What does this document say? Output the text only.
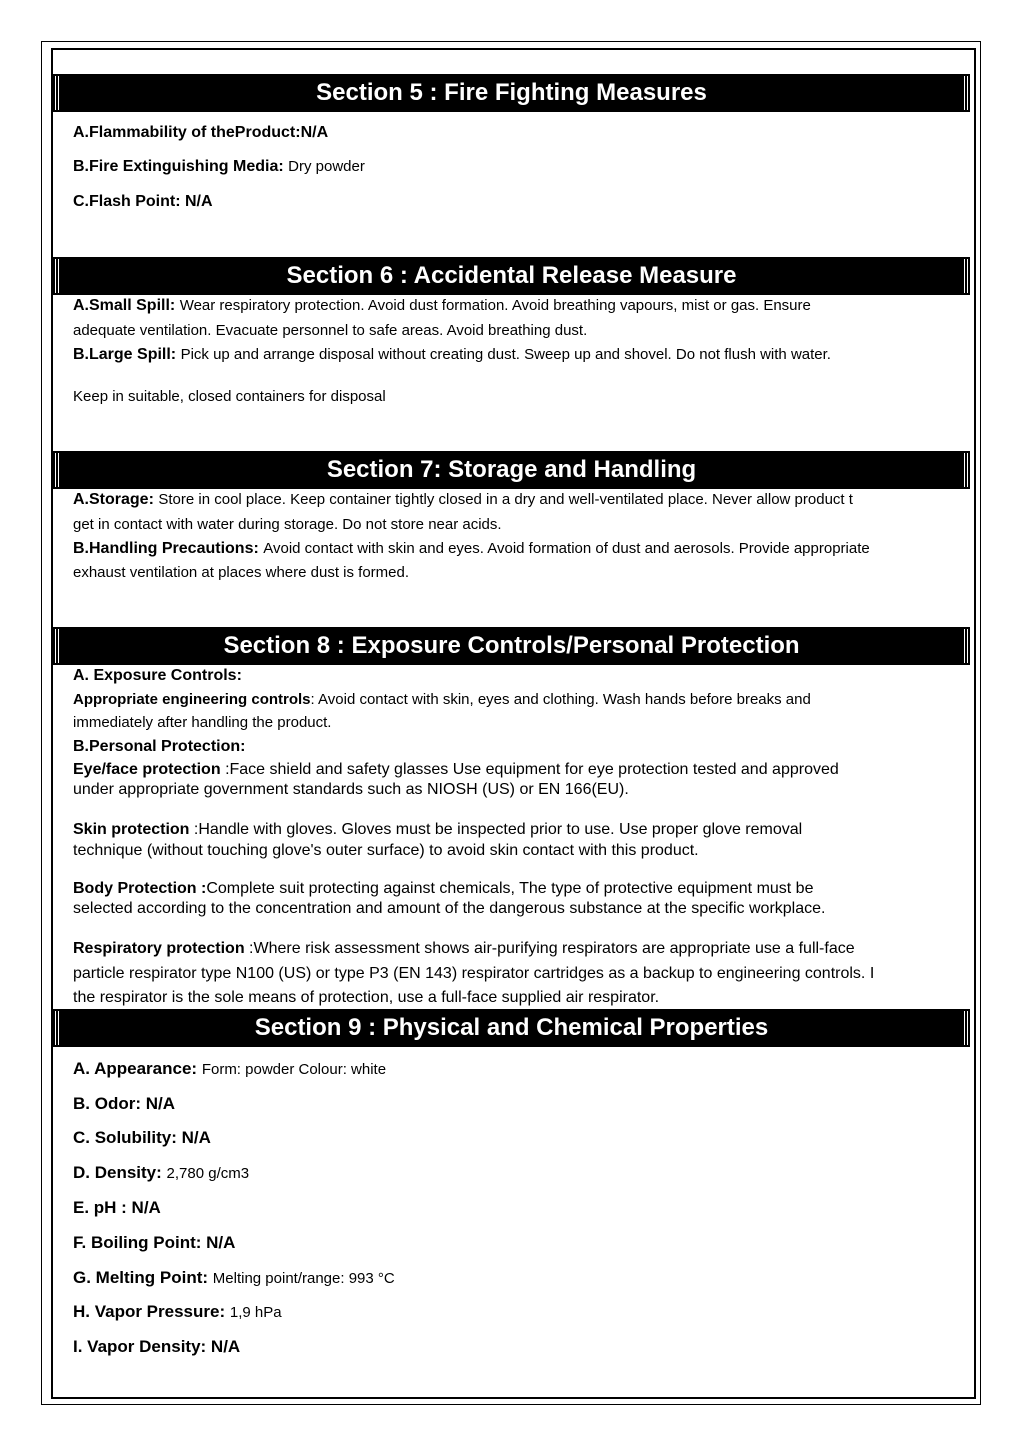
Section 5 : Fire Fighting Measures
A.Flammability of theProduct:N/A
B.Fire Extinguishing Media: Dry powder
C.Flash Point: N/A
Section 6 : Accidental Release Measure
A.Small Spill: Wear respiratory protection. Avoid dust formation. Avoid breathing vapours, mist or gas. Ensure
adequate ventilation. Evacuate personnel to safe areas. Avoid breathing dust.
B.Large Spill: Pick up and arrange disposal without creating dust. Sweep up and shovel. Do not flush with water.
Keep in suitable, closed containers for disposal
Section 7: Storage and Handling
A.Storage: Store in cool place. Keep container tightly closed in a dry and well-ventilated place. Never allow product t
get in contact with water during storage. Do not store near acids.
B.Handling Precautions: Avoid contact with skin and eyes. Avoid formation of dust and aerosols. Provide appropriate
exhaust ventilation at places where dust is formed.
Section 8 : Exposure Controls/Personal Protection
A. Exposure Controls:
Appropriate engineering controls: Avoid contact with skin, eyes and clothing. Wash hands before breaks and
immediately after handling the product.
B.Personal Protection:
Eye/face protection :Face shield and safety glasses Use equipment for eye protection tested and approved
under appropriate government standards such as NIOSH (US) or EN 166(EU).
Skin protection :Handle with gloves. Gloves must be inspected prior to use. Use proper glove removal
technique (without touching glove's outer surface) to avoid skin contact with this product.
Body Protection :Complete suit protecting against chemicals, The type of protective equipment must be
selected according to the concentration and amount of the dangerous substance at the specific workplace.
Respiratory protection :Where risk assessment shows air-purifying respirators are appropriate use a full-face
particle respirator type N100 (US) or type P3 (EN 143) respirator cartridges as a backup to engineering controls. I
the respirator is the sole means of protection, use a full-face supplied air respirator.
Section 9 : Physical and Chemical Properties
A. Appearance: Form: powder Colour: white
B. Odor: N/A
C. Solubility: N/A
D. Density: 2,780 g/cm3
E. pH : N/A
F. Boiling Point: N/A
G. Melting Point: Melting point/range: 993 °C
H. Vapor Pressure: 1,9 hPa
I. Vapor Density: N/A
